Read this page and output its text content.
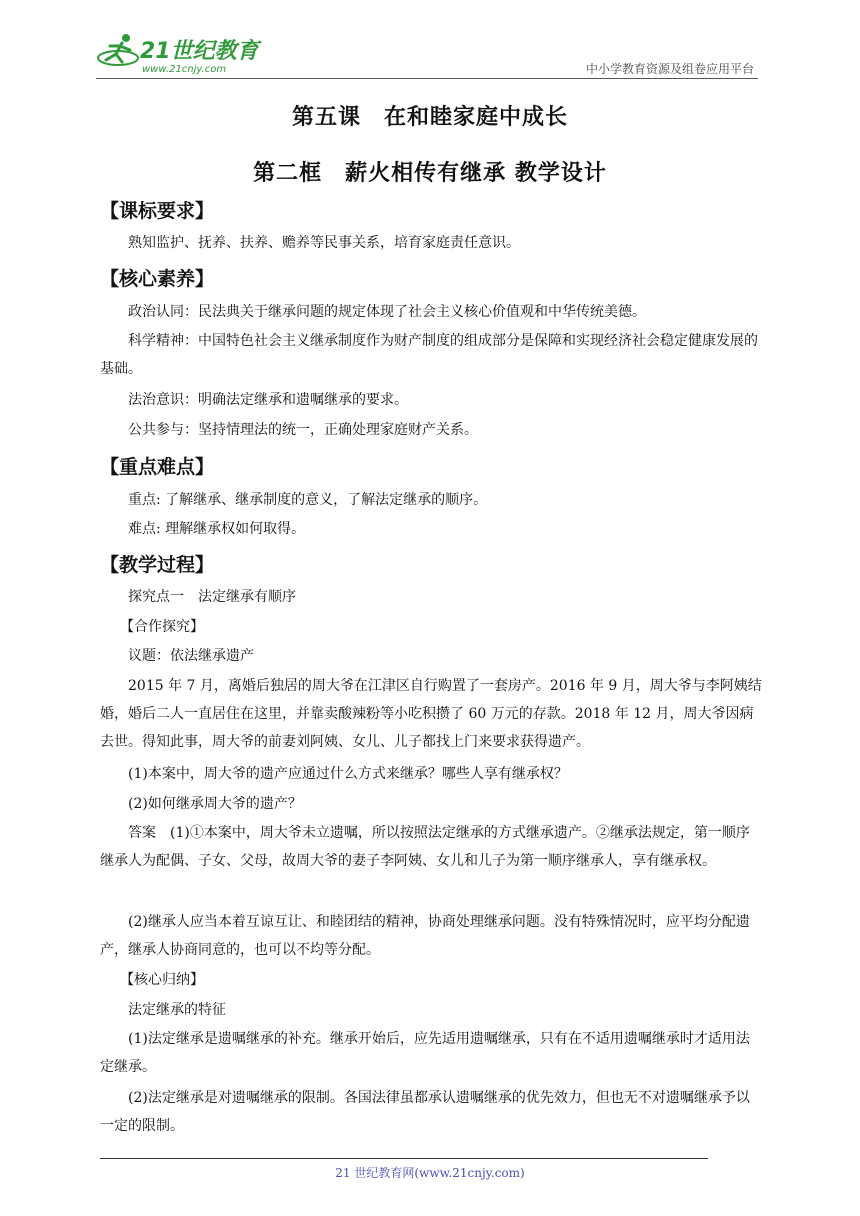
21世纪教育
www.21cnjy.com	中小学教育资源及组卷应用平台
第五课　在和睦家庭中成长
第二框　薪火相传有继承 教学设计
【课标要求】

熟知监护、抚养、扶养、赡养等民事关系，培育家庭责任意识。

【核心素养】

政治认同：民法典关于继承问题的规定体现了社会主义核心价值观和中华传统美德。

科学精神：中国特色社会主义继承制度作为财产制度的组成部分是保障和实现经济社会稳定健康发展的基础。

法治意识：明确法定继承和遗嘱继承的要求。

公共参与：坚持情理法的统一，正确处理家庭财产关系。

【重点难点】

重点: 了解继承、继承制度的意义，了解法定继承的顺序。

难点: 理解继承权如何取得。

【教学过程】

探究点一　法定继承有顺序

【合作探究】

议题：依法继承遗产

2015 年 7 月，离婚后独居的周大爷在江津区自行购置了一套房产。2016 年 9 月，周大爷与李阿姨结婚，婚后二人一直居住在这里，并靠卖酸辣粉等小吃积攒了 60 万元的存款。2018 年 12 月，周大爷因病去世。得知此事，周大爷的前妻刘阿姨、女儿、儿子都找上门来要求获得遗产。

(1)本案中，周大爷的遗产应通过什么方式来继承？哪些人享有继承权？

(2)如何继承周大爷的遗产？

答案　(1)①本案中，周大爷未立遗嘱，所以按照法定继承的方式继承遗产。②继承法规定，第一顺序继承人为配偶、子女、父母，故周大爷的妻子李阿姨、女儿和儿子为第一顺序继承人，享有继承权。

(2)继承人应当本着互谅互让、和睦团结的精神，协商处理继承问题。没有特殊情况时，应平均分配遗产，继承人协商同意的，也可以不均等分配。

【核心归纳】

法定继承的特征

(1)法定继承是遗嘱继承的补充。继承开始后，应先适用遗嘱继承，只有在不适用遗嘱继承时才适用法定继承。

(2)法定继承是对遗嘱继承的限制。各国法律虽都承认遗嘱继承的优先效力，但也无不对遗嘱继承予以一定的限制。

21 世纪教育网(www.21cnjy.com)
